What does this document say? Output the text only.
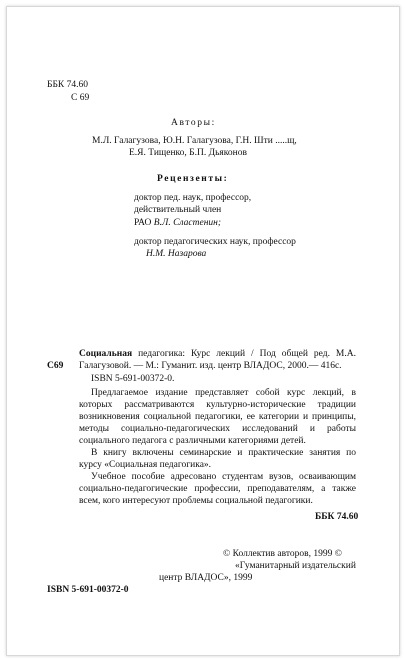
ББК 74.60
С 69
Авторы:
М.Л. Галагузова, Ю.Н. Галагузова, Г.Н. Шти .....щ,
Е.Я. Тищенко, Б.П. Дьяконов
Рецензенты:
доктор пед. наук, профессор,
действительный член
РАО В.Л. Сластенин;
доктор педагогических наук, профессор
Н.М. Назарова
С69
Социальная педагогика: Курс лекций / Под общей ред. М.А. Галагузовой. — М.: Гуманит. изд. центр ВЛАДОС, 2000.— 416с.
ISBN 5-691-00372-0.
Предлагаемое издание представляет собой курс лекций, в которых рассматриваются культурно-исторические традиции возникновения социальной педагогики, ее категории и принципы, методы социально-педагогических исследований и работы социального педагога с различными категориями детей.
В книгу включены семинарские и практические занятия по курсу «Социальная педагогика».
Учебное пособие адресовано студентам вузов, осваивающим социально-педагогические профессии, преподавателям, а также всем, кого интересуют проблемы социальной педагогики.
ББК 74.60
© Коллектив авторов, 1999 ©
«Гуманитарный издательский
центр ВЛАДОС», 1999
ISBN 5-691-00372-0
